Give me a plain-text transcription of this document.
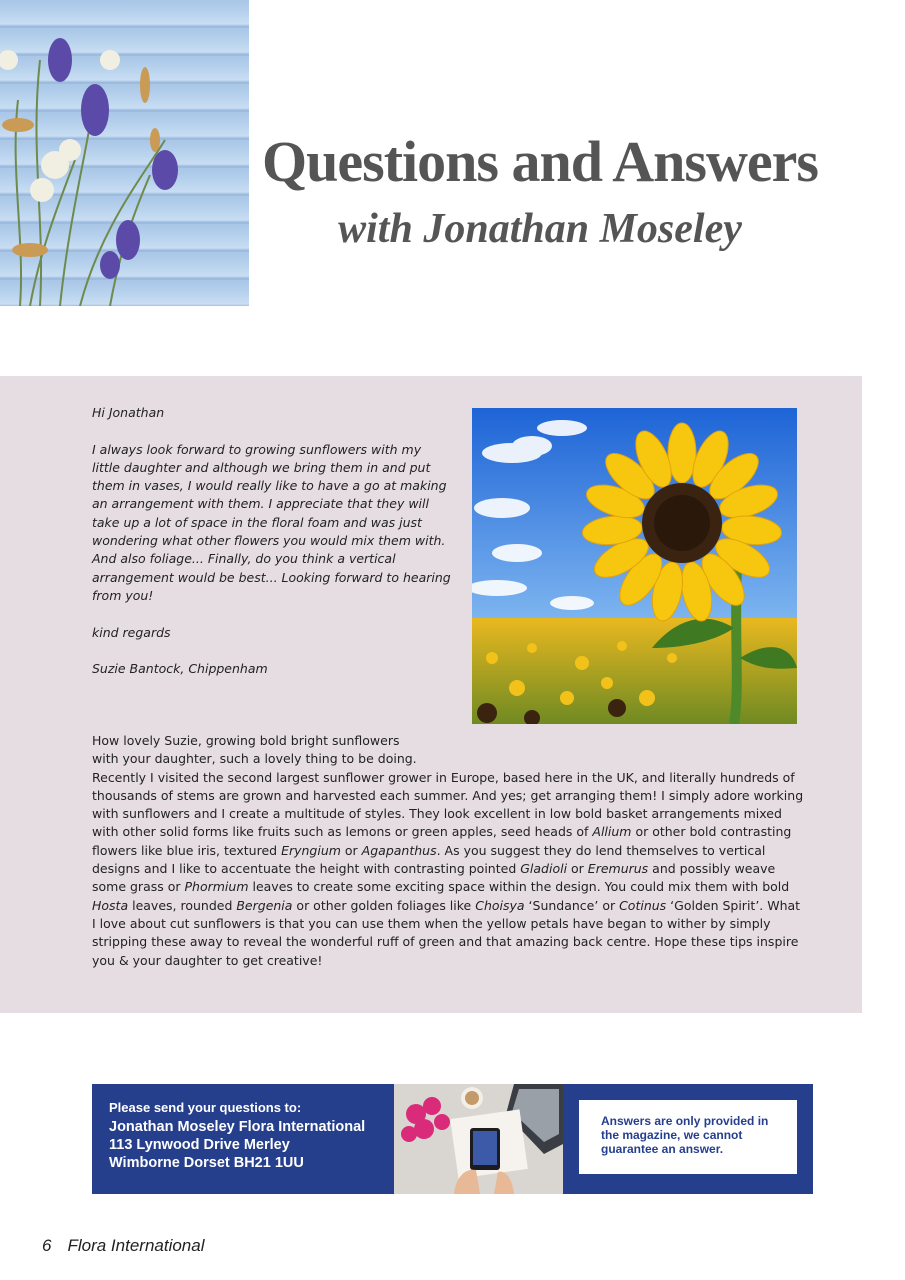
Questions and Answers
with Jonathan Moseley

Hi Jonathan

I always look forward to growing sunflowers with my little daughter and although we bring them in and put them in vases, I would really like to have a go at making an arrangement with them. I appreciate that they will take up a lot of space in the floral foam and was just wondering what other flowers you would mix them with. And also foliage... Finally, do you think a vertical arrangement would be best... Looking forward to hearing from you!

kind regards

Suzie Bantock, Chippenham

How lovely Suzie, growing bold bright sunflowers with your daughter, such a lovely thing to be doing.

Recently I visited the second largest sunflower grower in Europe, based here in the UK, and literally hundreds of thousands of stems are grown and harvested each summer. And yes; get arranging them! I simply adore working with sunflowers and I create a multitude of styles. They look excellent in low bold basket arrangements mixed with other solid forms like fruits such as lemons or green apples, seed heads of Allium or other bold contrasting flowers like blue iris, textured Eryngium or Agapanthus. As you suggest they do lend themselves to vertical designs and I like to accentuate the height with contrasting pointed Gladioli or Eremurus and possibly weave some grass or Phormium leaves to create some exciting space within the design. You could mix them with bold Hosta leaves, rounded Bergenia or other golden foliages like Choisya ‘Sundance’ or Cotinus ‘Golden Spirit’. What I love about cut sunflowers is that you can use them when the yellow petals have began to wither by simply stripping these away to reveal the wonderful ruff of green and that amazing back centre. Hope these tips inspire you & your daughter to get creative!

Please send your questions to:

Jonathan Moseley Flora International

113 Lynwood Drive Merley

Wimborne Dorset BH21 1UU

Answers are only provided in the magazine, we cannot guarantee an answer.

6 Flora International
